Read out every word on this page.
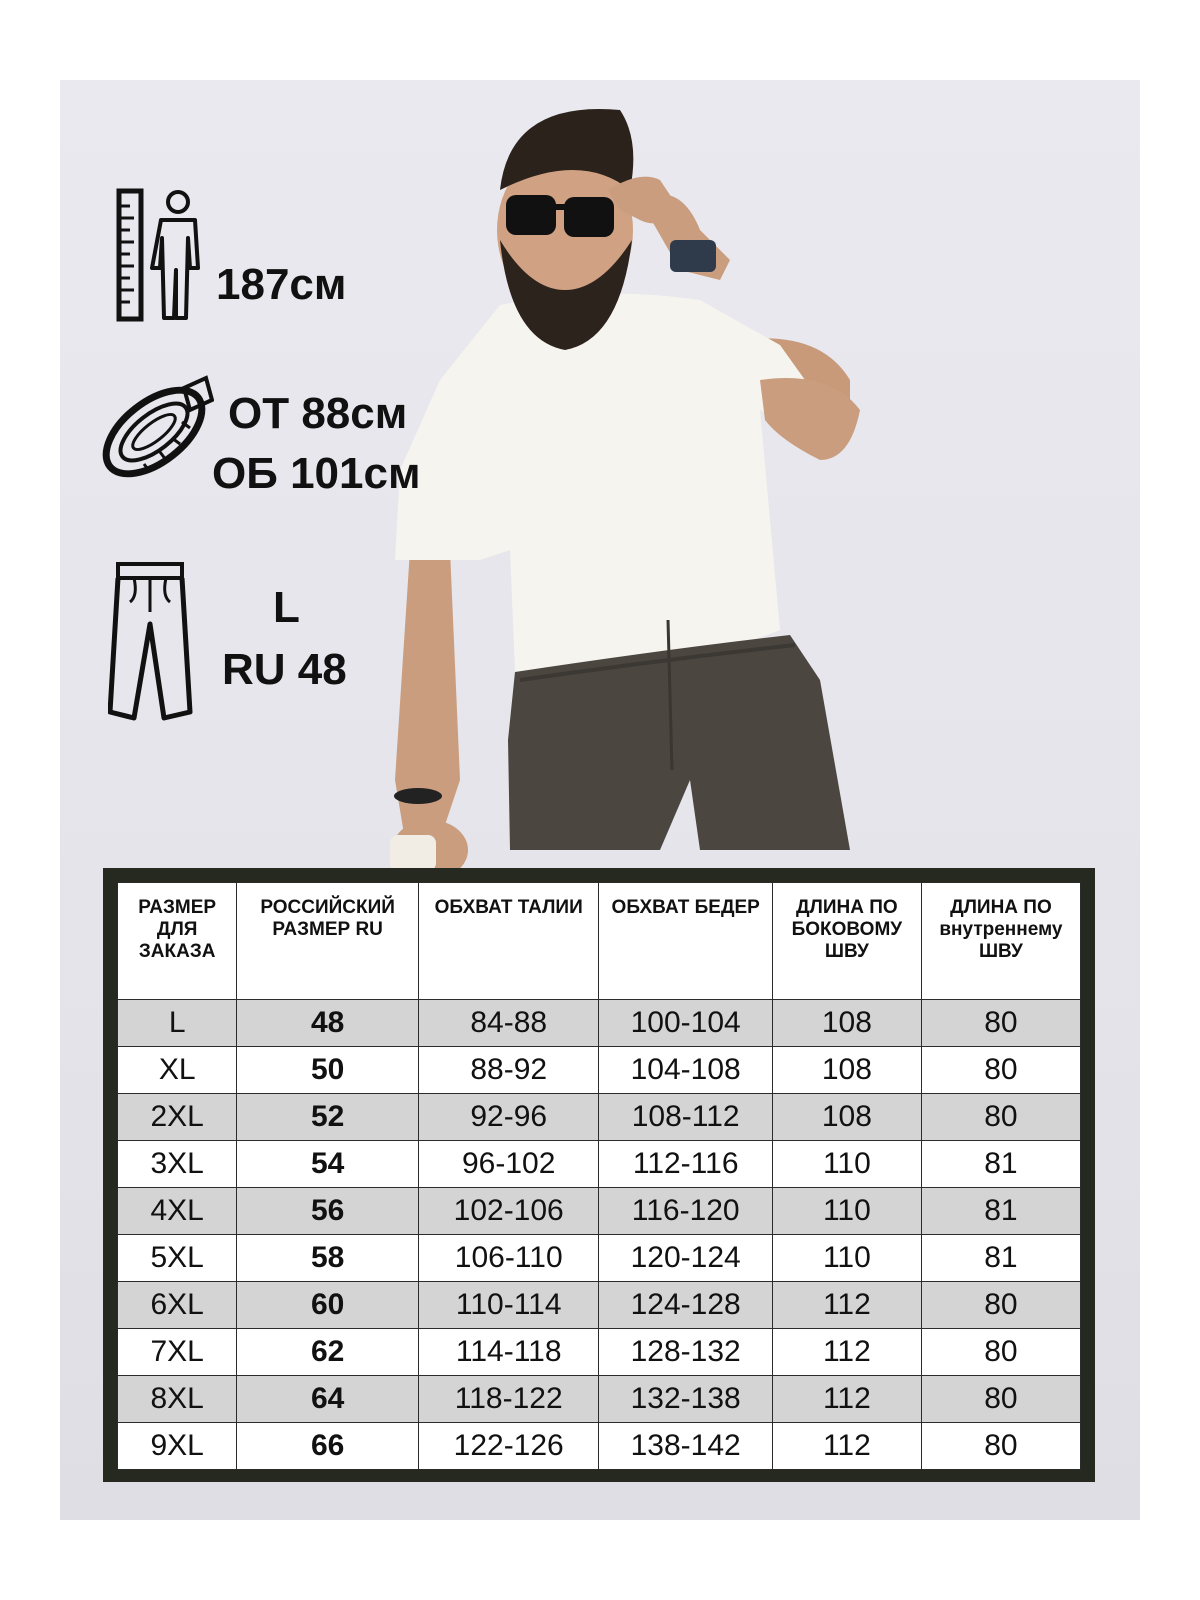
187см
ОТ 88см
ОБ 101см
L
RU 48
РАЗМЕР ДЛЯ ЗАКАЗА	РОССИЙСКИЙ РАЗМЕР RU	ОБХВАТ ТАЛИИ	ОБХВАТ БЕДЕР	ДЛИНА ПО БОКОВОМУ ШВУ	ДЛИНА ПО внутреннему ШВУ
L	48	84-88	100-104	108	80
XL	50	88-92	104-108	108	80
2XL	52	92-96	108-112	108	80
3XL	54	96-102	112-116	110	81
4XL	56	102-106	116-120	110	81
5XL	58	106-110	120-124	110	81
6XL	60	110-114	124-128	112	80
7XL	62	114-118	128-132	112	80
8XL	64	118-122	132-138	112	80
9XL	66	122-126	138-142	112	80
